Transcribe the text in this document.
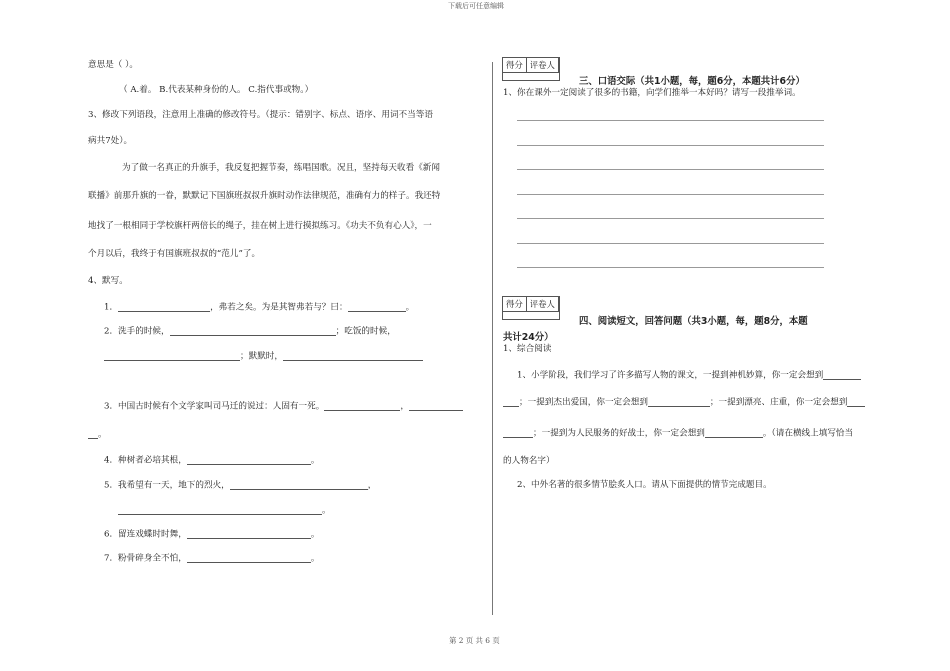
下载后可任意编辑
意思是（ ）。
（ A.着。 B.代表某种身份的人。 C.指代事或物。）
3、修改下列语段，注意用上准确的修改符号。（提示：错别字、标点、语序、用词不当等语
病共7处）。
为了做一名真正的升旗手，我反复把握节奏，练唱国歌。况且，坚持每天收看《新闻
联播》前那升旗的一眷，默默记下国旗班叔叔升旗时动作法律规范，准确有力的样子。我还特
地找了一根相同于学校旗杆两倍长的绳子，挂在树上进行摸拟练习。《功夫不负有心人》，一
个月以后，我终于有国旗班叔叔的“范儿”了。
4、默写。
1．	，弗若之矣。为是其智弗若与？曰：	。
2．洗手的时候，	；吃饭的时候，
；默默时，
3．中国古时候有个文学家叫司马迁的说过：人固有一死。	，
。
4．种树者必培其根，	。
5．我希望有一天，地下的烈火，	，
。
6．留连戏蝶时时舞，	。
7．粉骨碎身全不怕，	。
得分 评卷人
三、口语交际（共1小题，每，题6分，本题共计6分）
1、你在课外一定阅读了很多的书籍，向学们推举一本好吗？请写一段推举词。
得分 评卷人
四、阅读短文，回答问题（共3小题，每，题8分，本题
共计24分）
1、综合阅读
1、小学阶段，我们学习了许多描写人物的课文，一提到神机妙算，你一定会想到
；一提到杰出爱国，你一定会想到	；一提到漂亮、庄重，你一定会想到
；一提到为人民服务的好战士，你一定会想到	。（请在横线上填写恰当
的人物名字）
2、中外名著的很多情节脍炙人口。请从下面提供的情节完成题目。
第 2 页 共 6 页
